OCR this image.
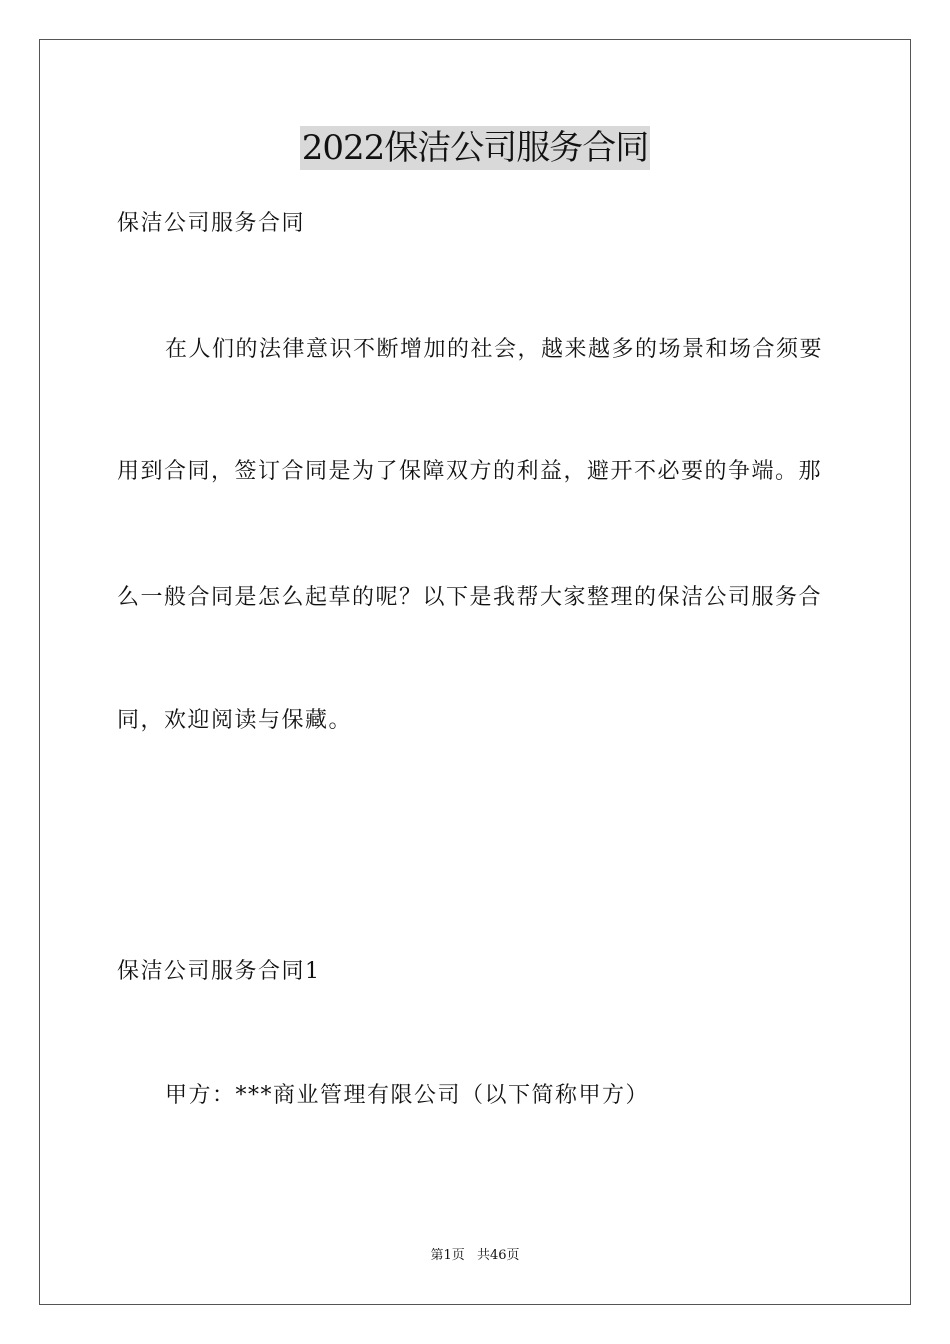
2022保洁公司服务合同
保洁公司服务合同
在人们的法律意识不断增加的社会，越来越多的场景和场合须要
用到合同，签订合同是为了保障双方的利益，避开不必要的争端。那
么一般合同是怎么起草的呢？以下是我帮大家整理的保洁公司服务合
同，欢迎阅读与保藏。
保洁公司服务合同1
甲方：***商业管理有限公司（以下简称甲方）
第1页 共46页
